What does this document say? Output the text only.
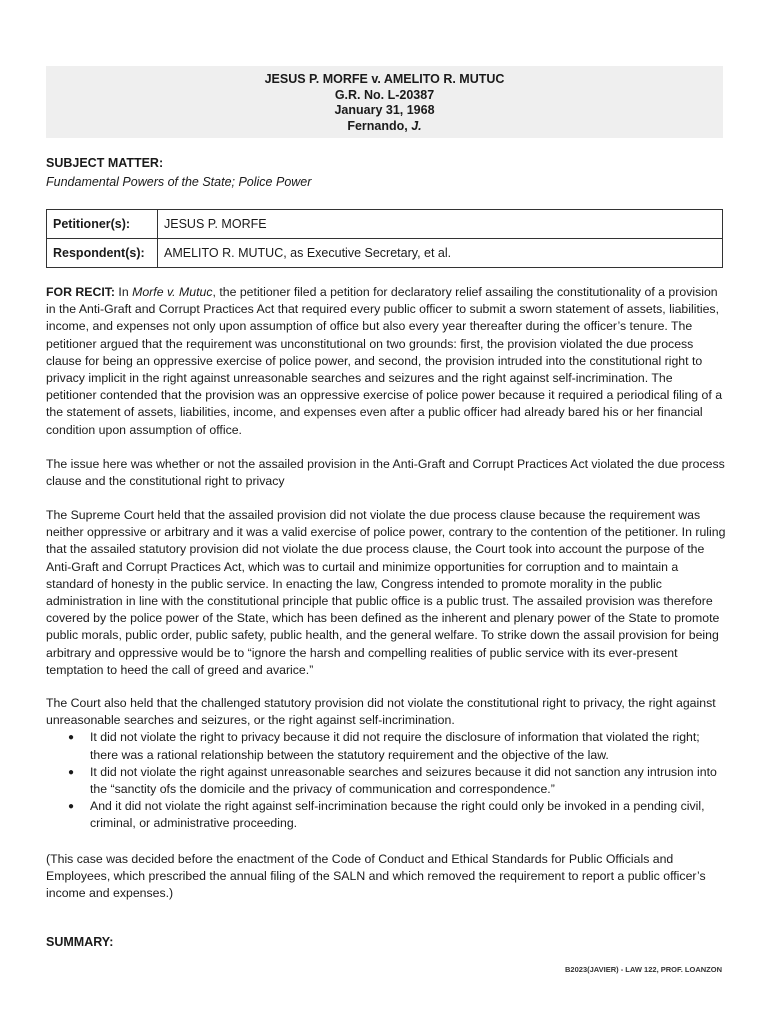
JESUS P. MORFE v. AMELITO R. MUTUC
G.R. No. L-20387
January 31, 1968
Fernando, J.
SUBJECT MATTER:
Fundamental Powers of the State; Police Power
Petitioner(s):	JESUS P. MORFE
Respondent(s):	AMELITO R. MUTUC, as Executive Secretary, et al.

FOR RECIT: In Morfe v. Mutuc, the petitioner filed a petition for declaratory relief assailing the constitutionality of a provision in the Anti-Graft and Corrupt Practices Act that required every public officer to submit a sworn statement of assets, liabilities, income, and expenses not only upon assumption of office but also every year thereafter during the officer’s tenure. The petitioner argued that the requirement was unconstitutional on two grounds: first, the provision violated the due process clause for being an oppressive exercise of police power, and second, the provision intruded into the constitutional right to privacy implicit in the right against unreasonable searches and seizures and the right against self-incrimination. The petitioner contended that the provision was an oppressive exercise of police power because it required a periodical filing of a the statement of assets, liabilities, income, and expenses even after a public officer had already bared his or her financial condition upon assumption of office.

The issue here was whether or not the assailed provision in the Anti-Graft and Corrupt Practices Act violated the due process clause and the constitutional right to privacy

The Supreme Court held that the assailed provision did not violate the due process clause because the requirement was neither oppressive or arbitrary and it was a valid exercise of police power, contrary to the contention of the petitioner. In ruling that the assailed statutory provision did not violate the due process clause, the Court took into account the purpose of the Anti-Graft and Corrupt Practices Act, which was to curtail and minimize opportunities for corruption and to maintain a standard of honesty in the public service. In enacting the law, Congress intended to promote morality in the public administration in line with the constitutional principle that public office is a public trust. The assailed provision was therefore covered by the police power of the State, which has been defined as the inherent and plenary power of the State to promote public morals, public order, public safety, public health, and the general welfare. To strike down the assail provision for being arbitrary and oppressive would be to “ignore the harsh and compelling realities of public service with its ever-present temptation to heed the call of greed and avarice.”

The Court also held that the challenged statutory provision did not violate the constitutional right to privacy, the right against unreasonable searches and seizures, or the right against self-incrimination.

● It did not violate the right to privacy because it did not require the disclosure of information that violated the right; there was a rational relationship between the statutory requirement and the objective of the law.
● It did not violate the right against unreasonable searches and seizures because it did not sanction any intrusion into the “sanctity ofs the domicile and the privacy of communication and correspondence.”
● And it did not violate the right against self-incrimination because the right could only be invoked in a pending civil, criminal, or administrative proceeding.

(This case was decided before the enactment of the Code of Conduct and Ethical Standards for Public Officials and Employees, which prescribed the annual filing of the SALN and which removed the requirement to report a public officer’s income and expenses.)

SUMMARY:
B2023(JAVIER) - LAW 122, PROF. LOANZON
